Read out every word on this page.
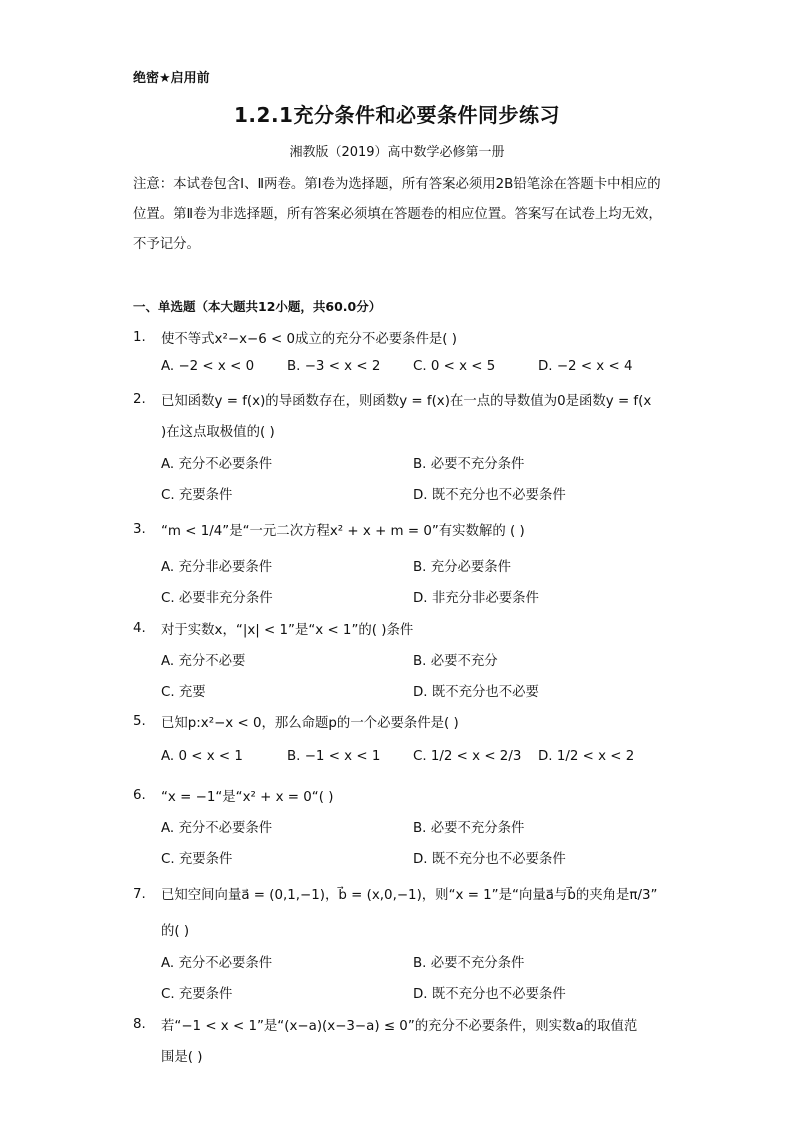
绝密★启用前
1.2.1充分条件和必要条件同步练习
湘教版（2019）高中数学必修第一册
注意：本试卷包含Ⅰ、Ⅱ两卷。第Ⅰ卷为选择题，所有答案必须用2B铅笔涂在答题卡中相应的位置。第Ⅱ卷为非选择题，所有答案必须填在答题卷的相应位置。答案写在试卷上均无效，不予记分。
一、单选题（本大题共12小题，共60.0分）
1. 使不等式x²−x−6 < 0成立的充分不必要条件是( )
A. −2 < x < 0 B. −3 < x < 2 C. 0 < x < 5	D. −2 < x < 4
2. 已知函数y = f(x)的导函数存在，则函数y = f(x)在一点的导数值为0是函数y = f(x
)在这点取极值的( )
A. 充分不必要条件	B. 必要不充分条件
C. 充要条件	D. 既不充分也不必要条件
3. “m < 1/4”是“一元二次方程x² + x + m = 0”有实数解的 ( )
A. 充分非必要条件	B. 充分必要条件
C. 必要非充分条件	D. 非充分非必要条件
4. 对于实数x，“|x| < 1”是“x < 1”的( )条件
A. 充分不必要	B. 必要不充分
C. 充要	D. 既不充分也不必要
5. 已知p:x²−x < 0，那么命题p的一个必要条件是( )
A. 0 < x < 1	B. −1 < x < 1 C. 1/2 < x < 2/3 D. 1/2 < x < 2
6. “x = −1“是“x² + x = 0“( )
A. 充分不必要条件	B. 必要不充分条件
C. 充要条件	D. 既不充分也不必要条件
7. 已知空间向量a⃗ = (0,1,−1)，b⃗ = (x,0,−1)，则“x = 1”是“向量a⃗与b⃗的夹角是π/3”
的( )
A. 充分不必要条件	B. 必要不充分条件
C. 充要条件	D. 既不充分也不必要条件
8. 若“−1 < x < 1”是“(x−a)(x−3−a) ≤ 0”的充分不必要条件，则实数a的取值范
围是( )
